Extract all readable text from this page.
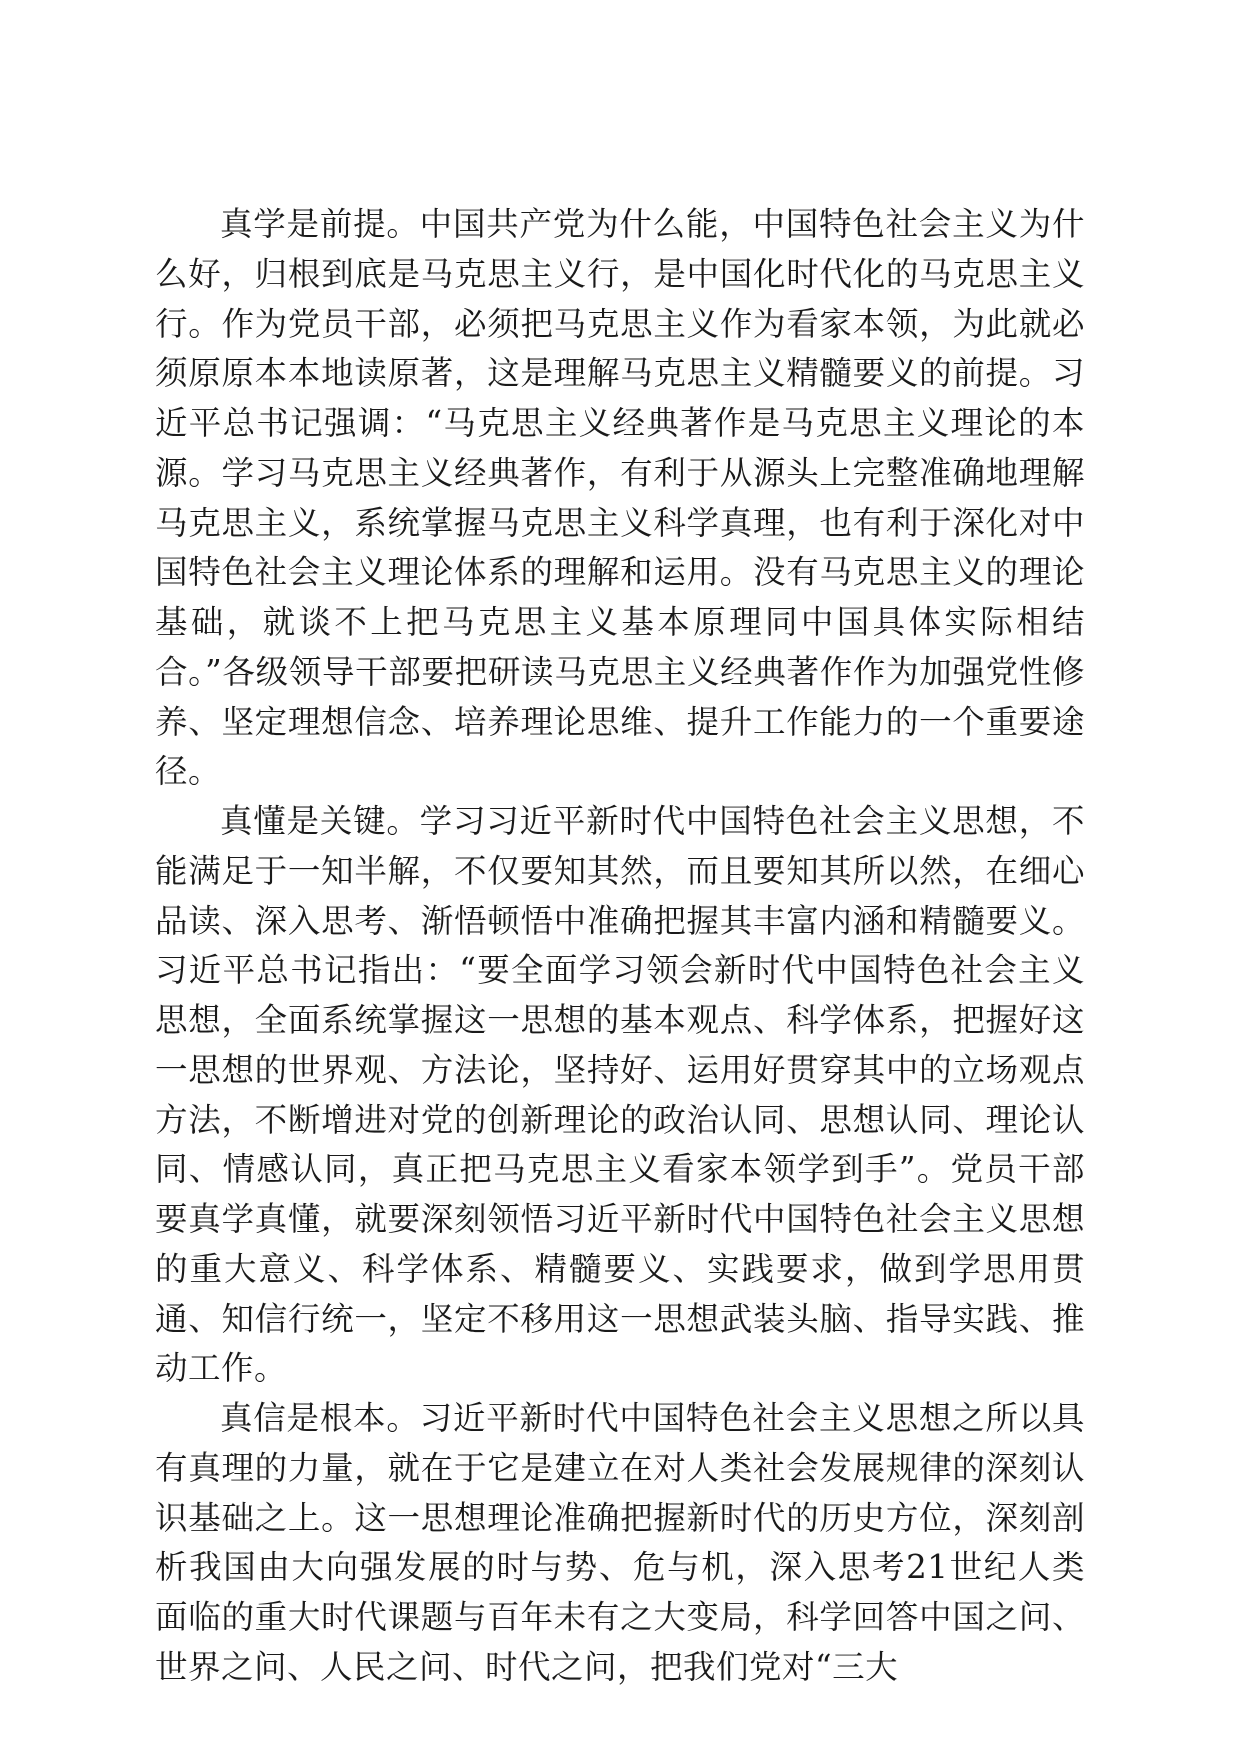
真学是前提。中国共产党为什么能，中国特色社会主义为什么好，归根到底是马克思主义行，是中国化时代化的马克思主义行。作为党员干部，必须把马克思主义作为看家本领，为此就必须原原本本地读原著，这是理解马克思主义精髓要义的前提。习近平总书记强调：“马克思主义经典著作是马克思主义理论的本源。学习马克思主义经典著作，有利于从源头上完整准确地理解马克思主义，系统掌握马克思主义科学真理，也有利于深化对中国特色社会主义理论体系的理解和运用。没有马克思主义的理论基础，就谈不上把马克思主义基本原理同中国具体实际相结合。”各级领导干部要把研读马克思主义经典著作作为加强党性修养、坚定理想信念、培养理论思维、提升工作能力的一个重要途径。

真懂是关键。学习习近平新时代中国特色社会主义思想，不能满足于一知半解，不仅要知其然，而且要知其所以然，在细心品读、深入思考、渐悟顿悟中准确把握其丰富内涵和精髓要义。习近平总书记指出：“要全面学习领会新时代中国特色社会主义思想，全面系统掌握这一思想的基本观点、科学体系，把握好这一思想的世界观、方法论，坚持好、运用好贯穿其中的立场观点方法，不断增进对党的创新理论的政治认同、思想认同、理论认同、情感认同，真正把马克思主义看家本领学到手”。党员干部要真学真懂，就要深刻领悟习近平新时代中国特色社会主义思想的重大意义、科学体系、精髓要义、实践要求，做到学思用贯通、知信行统一，坚定不移用这一思想武装头脑、指导实践、推动工作。

真信是根本。习近平新时代中国特色社会主义思想之所以具有真理的力量，就在于它是建立在对人类社会发展规律的深刻认识基础之上。这一思想理论准确把握新时代的历史方位，深刻剖析我国由大向强发展的时与势、危与机，深入思考21世纪人类面临的重大时代课题与百年未有之大变局，科学回答中国之问、世界之问、人民之问、时代之问，把我们党对“三大
